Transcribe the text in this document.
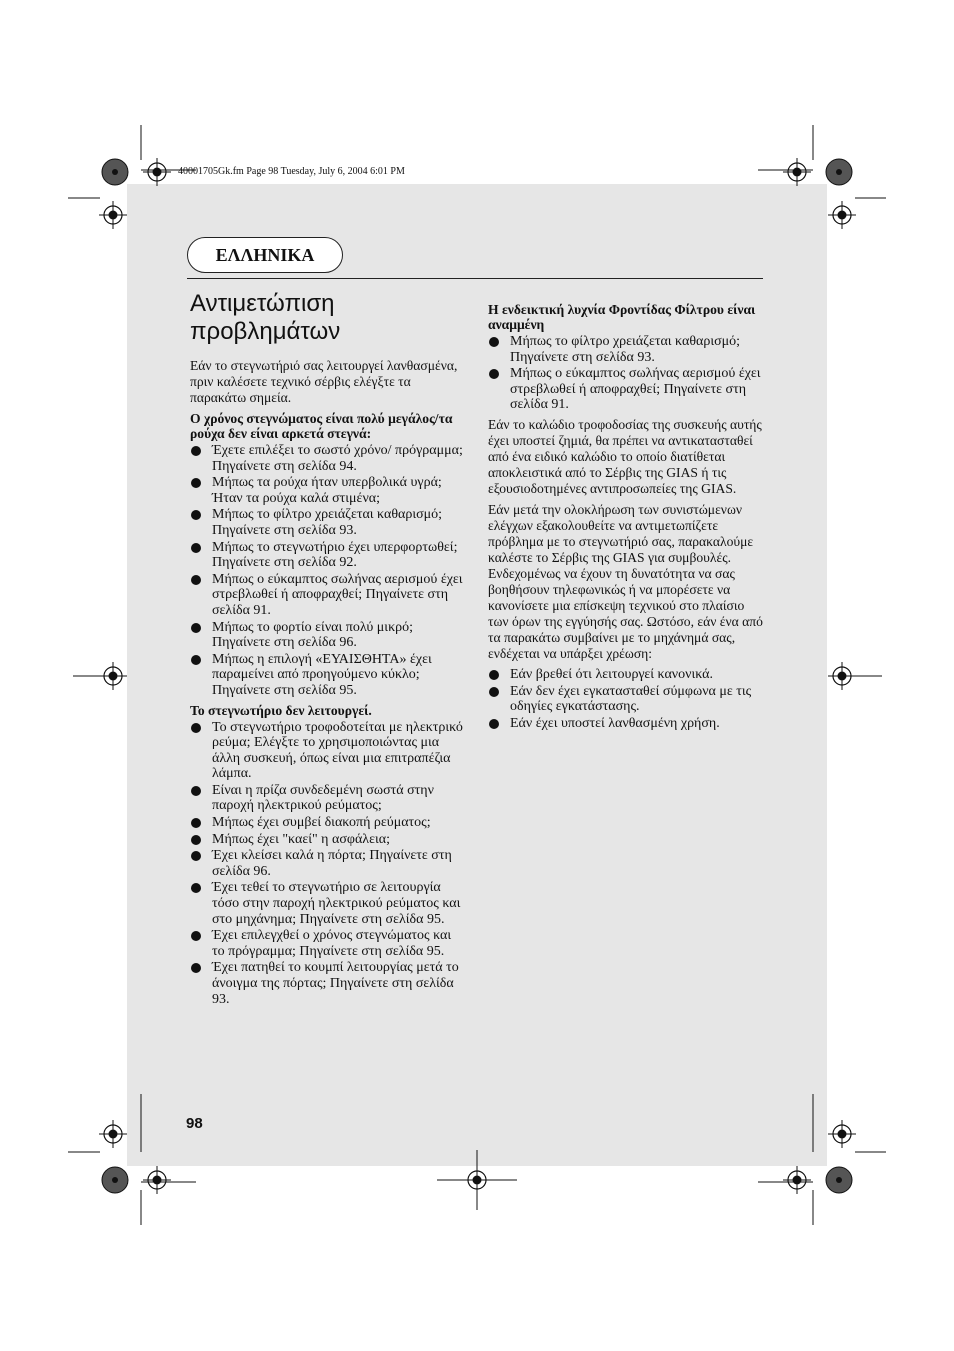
40001705Gk.fm Page 98 Tuesday, July 6, 2004 6:01 PM
ΕΛΛΗΝΙΚΑ
Αντιμετώπιση
προβλημάτων

Εάν το στεγνωτήριό σας λειτουργεί λανθασμένα, πριν καλέσετε τεχνικό σέρβις ελέγξτε τα παρακάτω σημεία.

Ο χρόνος στεγνώματος είναι πολύ μεγάλος/τα ρούχα δεν είναι αρκετά στεγνά:
Έχετε επιλέξει το σωστό χρόνο/ πρόγραμμα; Πηγαίνετε στη σελίδα 94.
Μήπως τα ρούχα ήταν υπερβολικά υγρά; Ήταν τα ρούχα καλά στιμένα;
Μήπως το φίλτρο χρειάζεται καθαρισμό; Πηγαίνετε στη σελίδα 93.
Μήπως το στεγνωτήριο έχει υπερφορτωθεί; Πηγαίνετε στη σελίδα 92.
Μήπως ο εύκαμπτος σωλήνας αερισμού έχει στρεβλωθεί ή αποφραχθεί; Πηγαίνετε στη σελίδα 91.
Μήπως το φορτίο είναι πολύ μικρό; Πηγαίνετε στη σελίδα 96.
Μήπως η επιλογή «ΕΥΑΙΣΘΗΤΑ» έχει παραμείνει από προηγούμενο κύκλο; Πηγαίνετε στη σελίδα 95.
Το στεγνωτήριο δεν λειτουργεί.
Το στεγνωτήριο τροφοδοτείται με ηλεκτρικό ρεύμα; Ελέγξτε το χρησιμοποιώντας μια άλλη συσκευή, όπως είναι μια επιτραπέζια λάμπα.
Είναι η πρίζα συνδεδεμένη σωστά στην παροχή ηλεκτρικού ρεύματος;
Μήπως έχει συμβεί διακοπή ρεύματος;
Μήπως έχει "καεί" η ασφάλεια;
Έχει κλείσει καλά η πόρτα; Πηγαίνετε στη σελίδα 96.
Έχει τεθεί το στεγνωτήριο σε λειτουργία τόσο στην παροχή ηλεκτρικού ρεύματος και στο μηχάνημα; Πηγαίνετε στη σελίδα 95.
Έχει επιλεγχθεί ο χρόνος στεγνώματος και το πρόγραμμα; Πηγαίνετε στη σελίδα 95.
Έχει πατηθεί το κουμπί λειτουργίας μετά το άνοιγμα της πόρτας; Πηγαίνετε στη σελίδα 93.
Η ενδεικτική λυχνία Φροντίδας Φίλτρου είναι αναμμένη
Μήπως το φίλτρο χρειάζεται καθαρισμό; Πηγαίνετε στη σελίδα 93.
Μήπως ο εύκαμπτος σωλήνας αερισμού έχει στρεβλωθεί ή αποφραχθεί; Πηγαίνετε στη σελίδα 91.

Εάν το καλώδιο τροφοδοσίας της συσκευής αυτής έχει υποστεί ζημιά, θα πρέπει να αντικατασταθεί από ένα ειδικό καλώδιο το οποίο διατίθεται αποκλειστικά από το Σέρβις της GIAS ή τις εξουσιοδοτημένες αντιπροσωπείες της GIAS.

Εάν μετά την ολοκλήρωση των συνιστώμενων ελέγχων εξακολουθείτε να αντιμετωπίζετε πρόβλημα με το στεγνωτήριό σας, παρακαλούμε καλέστε το Σέρβις της GIAS για συμβουλές. Ενδεχομένως να έχουν τη δυνατότητα να σας βοηθήσουν τηλεφωνικώς ή να μπορέσετε να κανονίσετε μια επίσκεψη τεχνικού στο πλαίσιο των όρων της εγγύησής σας. Ωστόσο, εάν ένα από τα παρακάτω συμβαίνει με το μηχάνημά σας, ενδέχεται να υπάρξει χρέωση:

Εάν βρεθεί ότι λειτουργεί κανονικά.
Εάν δεν έχει εγκατασταθεί σύμφωνα με τις οδηγίες εγκατάστασης.
Εάν έχει υποστεί λανθασμένη χρήση.
98
